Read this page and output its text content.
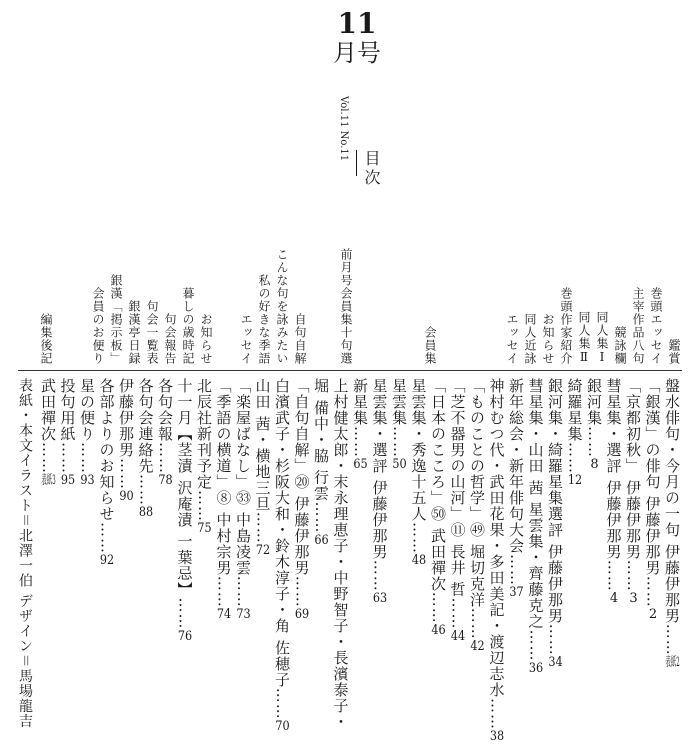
11
月号
Vol.11 No.11
目次
鑑賞
巻頭エッセイ
主宰作品八句
競詠欄
同人集Ⅰ
同人集Ⅱ
巻頭作家紹介
お知らせ
同人近詠
エッセイ
会員集
前月号会員集十句選
自句自解
こんな句を詠みたい
私の好きな季語
エッセイ
お知らせ
暮しの歳時記
句会報告
句会一覧表
銀漢亭日録
銀漢「掲示板」
会員のお便り
編集後記
盤水俳句・今月の一句 伊藤伊那男……表紙2
「銀漢」の俳句 伊藤伊那男……2
「京都初秋」 伊藤伊那男……3
彗星集・選評 伊藤伊那男……4
銀河集……8
綺羅星集……12
銀河集・綺羅星集選評 伊藤伊那男……34
彗星集・山田 茜 星雲集・齊藤克之……36
新年総会・新年俳句大会……37
神村むつ代・武田花果・多田美記・渡辺志水……38
「ものことの哲学」㊾ 堀切克洋……42
「芝不器男の山河」⑪ 長井 哲……44
「日本のこころ」㊿ 武田禪次……46
星雲集・秀逸十五人……48
星雲集……50
星雲集・選評 伊藤伊那男……63
新星集……65
上村健太郎・末永理恵子・中野智子・長濱泰子・
堀 備中・脇 行雲……66
「自句自解」⑳ 伊藤伊那男……69
白濱武子・杉阪大和・鈴木淳子・角 佐穂子……70
山田 茜・横地三旦……72
「楽屋ばなし」㉝ 中島凌雲……73
「季語の横道」⑧ 中村宗男……74
北辰社新刊予定……75
十一月【茎漬 沢庵漬 一葉忌】……76
各句会報……78
各句会連絡先……88
伊藤伊那男……90
各部よりのお知らせ……92
星の便り……93
投句用紙……95
武田禪次……表紙3
表紙・本文イラスト＝北澤一伯 デザイン＝馬場龍吉
